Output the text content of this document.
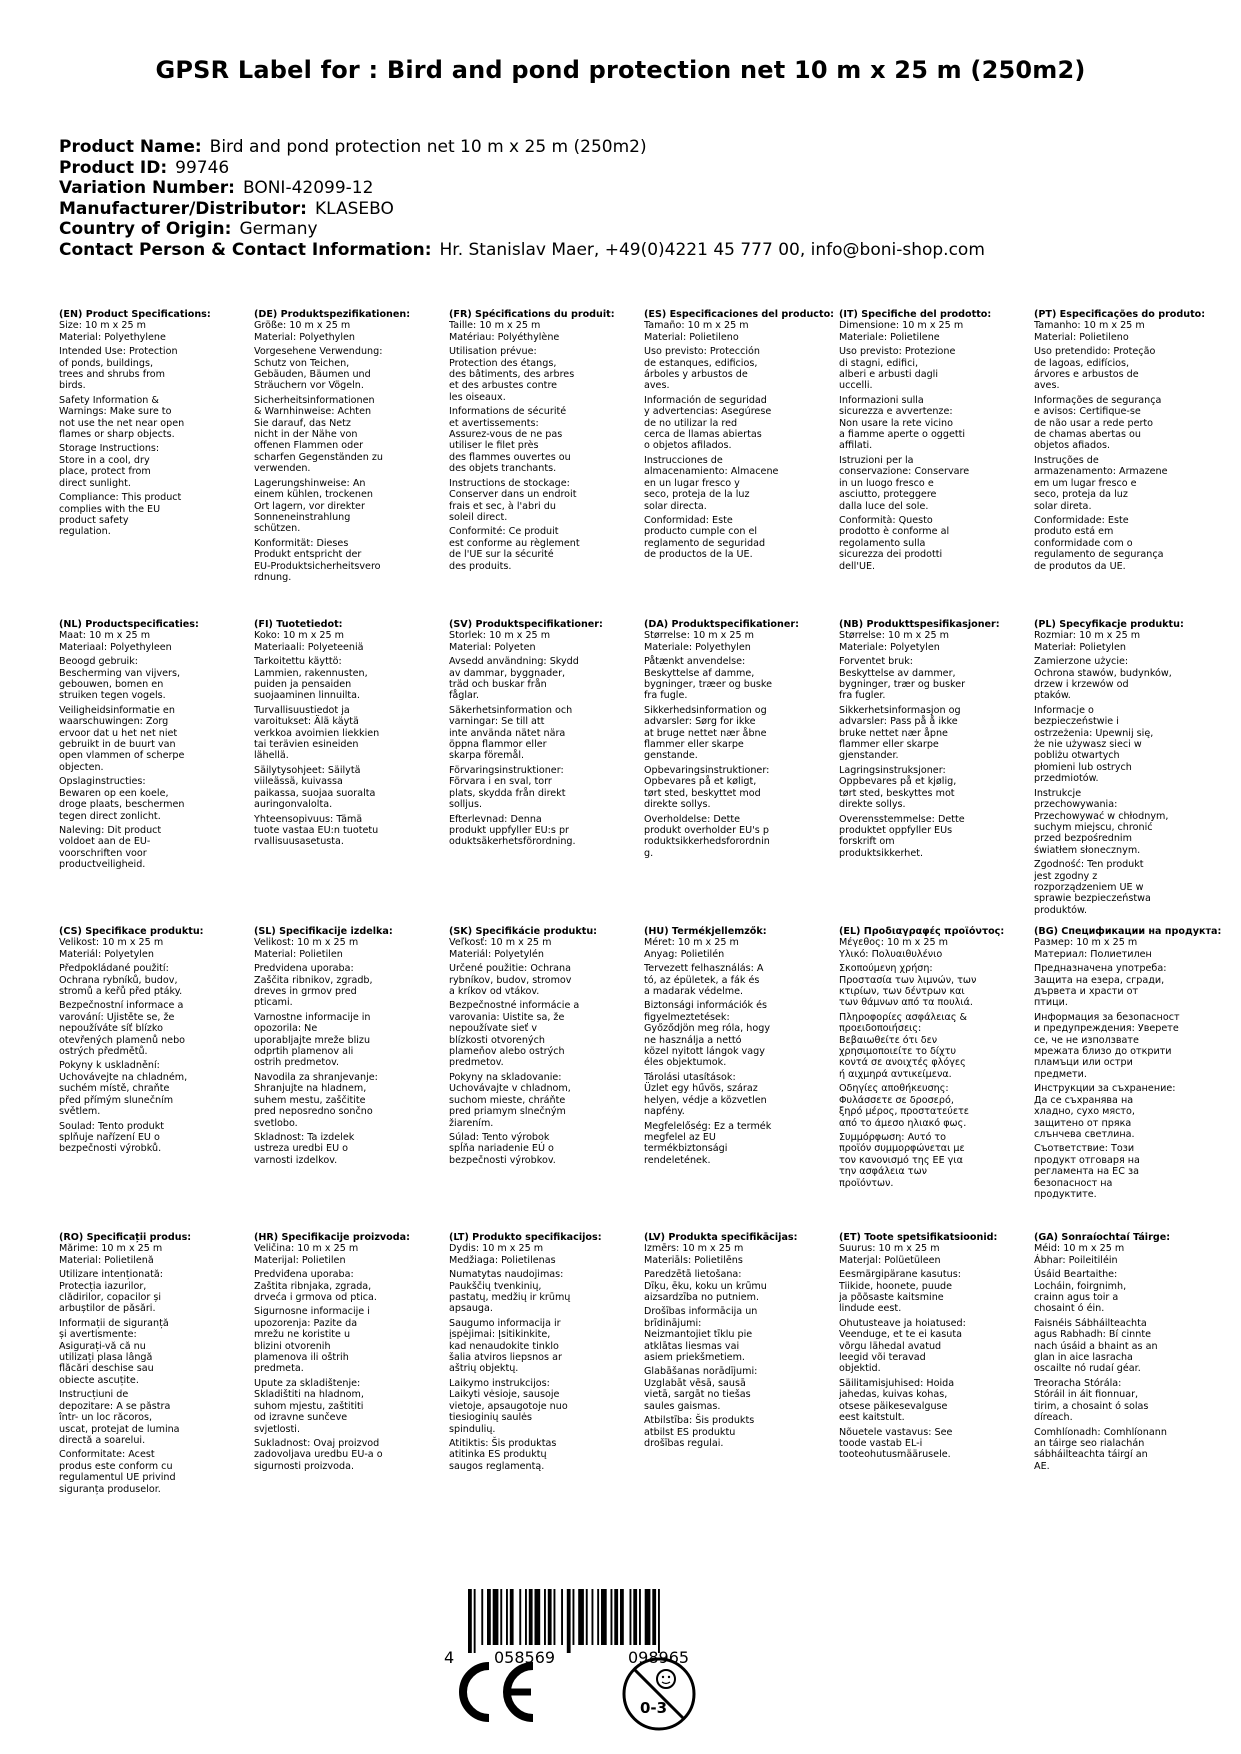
GPSR Label for : Bird and pond protection net 10 m x 25 m (250m2)
Product Name: Bird and pond protection net 10 m x 25 m (250m2)
Product ID: 99746
Variation Number: BONI-42099-12
Manufacturer/Distributor: KLASEBO
Country of Origin: Germany
Contact Person & Contact Information: Hr. Stanislav Maer, +49(0)4221 45 777 00, info@boni-shop.com
(EN) Product Specifications:
Size: 10 m x 25 m
Material: Polyethylene
Intended Use: Protection
of ponds, buildings,
trees and shrubs from
birds.
Safety Information &
Warnings: Make sure to
not use the net near open
flames or sharp objects.
Storage Instructions:
Store in a cool, dry
place, protect from
direct sunlight.
Compliance: This product
complies with the EU
product safety
regulation.
(DE) Produktspezifikationen:
Größe: 10 m x 25 m
Material: Polyethylen
Vorgesehene Verwendung:
Schutz von Teichen,
Gebäuden, Bäumen und
Sträuchern vor Vögeln.
Sicherheitsinformationen
& Warnhinweise: Achten
Sie darauf, das Netz
nicht in der Nähe von
offenen Flammen oder
scharfen Gegenständen zu
verwenden.
Lagerungshinweise: An
einem kühlen, trockenen
Ort lagern, vor direkter
Sonneneinstrahlung
schützen.
Konformität: Dieses
Produkt entspricht der
EU-Produktsicherheitsvero
rdnung.
(FR) Spécifications du produit:
Taille: 10 m x 25 m
Matériau: Polyéthylène
Utilisation prévue:
Protection des étangs,
des bâtiments, des arbres
et des arbustes contre
les oiseaux.
Informations de sécurité
et avertissements:
Assurez-vous de ne pas
utiliser le filet près
des flammes ouvertes ou
des objets tranchants.
Instructions de stockage:
Conserver dans un endroit
frais et sec, à l'abri du
soleil direct.
Conformité: Ce produit
est conforme au règlement
de l'UE sur la sécurité
des produits.
(ES) Especificaciones del producto:
Tamaño: 10 m x 25 m
Material: Polietileno
Uso previsto: Protección
de estanques, edificios,
árboles y arbustos de
aves.
Información de seguridad
y advertencias: Asegúrese
de no utilizar la red
cerca de llamas abiertas
o objetos afilados.
Instrucciones de
almacenamiento: Almacene
en un lugar fresco y
seco, proteja de la luz
solar directa.
Conformidad: Este
producto cumple con el
reglamento de seguridad
de productos de la UE.
(IT) Specifiche del prodotto:
Dimensione: 10 m x 25 m
Materiale: Polietilene
Uso previsto: Protezione
di stagni, edifici,
alberi e arbusti dagli
uccelli.
Informazioni sulla
sicurezza e avvertenze:
Non usare la rete vicino
a fiamme aperte o oggetti
affilati.
Istruzioni per la
conservazione: Conservare
in un luogo fresco e
asciutto, proteggere
dalla luce del sole.
Conformità: Questo
prodotto è conforme al
regolamento sulla
sicurezza dei prodotti
dell'UE.
(PT) Especificações do produto:
Tamanho: 10 m x 25 m
Material: Polietileno
Uso pretendido: Proteção
de lagoas, edifícios,
árvores e arbustos de
aves.
Informações de segurança
e avisos: Certifique-se
de não usar a rede perto
de chamas abertas ou
objetos afiados.
Instruções de
armazenamento: Armazene
em um lugar fresco e
seco, proteja da luz
solar direta.
Conformidade: Este
produto está em
conformidade com o
regulamento de segurança
de produtos da UE.
(NL) Productspecificaties:
Maat: 10 m x 25 m
Materiaal: Polyethyleen
Beoogd gebruik:
Bescherming van vijvers,
gebouwen, bomen en
struiken tegen vogels.
Veiligheidsinformatie en
waarschuwingen: Zorg
ervoor dat u het net niet
gebruikt in de buurt van
open vlammen of scherpe
objecten.
Opslaginstructies:
Bewaren op een koele,
droge plaats, beschermen
tegen direct zonlicht.
Naleving: Dit product
voldoet aan de EU-
voorschriften voor
productveiligheid.
(FI) Tuotetiedot:
Koko: 10 m x 25 m
Materiaali: Polyeteeniä
Tarkoitettu käyttö:
Lammien, rakennusten,
puiden ja pensaiden
suojaaminen linnuilta.
Turvallisuustiedot ja
varoitukset: Älä käytä
verkkoa avoimien liekkien
tai terävien esineiden
lähellä.
Säilytysohjeet: Säilytä
viileässä, kuivassa
paikassa, suojaa suoralta
auringonvalolta.
Yhteensopivuus: Tämä
tuote vastaa EU:n tuotetu
rvallisuusasetusta.
(SV) Produktspecifikationer:
Storlek: 10 m x 25 m
Material: Polyeten
Avsedd användning: Skydd
av dammar, byggnader,
träd och buskar från
fåglar.
Säkerhetsinformation och
varningar: Se till att
inte använda nätet nära
öppna flammor eller
skarpa föremål.
Förvaringsinstruktioner:
Förvara i en sval, torr
plats, skydda från direkt
solljus.
Efterlevnad: Denna
produkt uppfyller EU:s pr
oduktsäkerhetsförordning.
(DA) Produktspecifikationer:
Størrelse: 10 m x 25 m
Materiale: Polyethylen
Påtænkt anvendelse:
Beskyttelse af damme,
bygninger, træer og buske
fra fugle.
Sikkerhedsinformation og
advarsler: Sørg for ikke
at bruge nettet nær åbne
flammer eller skarpe
genstande.
Opbevaringsinstruktioner:
Opbevares på et køligt,
tørt sted, beskyttet mod
direkte sollys.
Overholdelse: Dette
produkt overholder EU's p
roduktsikkerhedsforordnin
g.
(NB) Produkttspesifikasjoner:
Størrelse: 10 m x 25 m
Materiale: Polyetylen
Forventet bruk:
Beskyttelse av dammer,
bygninger, trær og busker
fra fugler.
Sikkerhetsinformasjon og
advarsler: Pass på å ikke
bruke nettet nær åpne
flammer eller skarpe
gjenstander.
Lagringsinstruksjoner:
Oppbevares på et kjølig,
tørt sted, beskyttes mot
direkte sollys.
Overensstemmelse: Dette
produktet oppfyller EUs
forskrift om
produktsikkerhet.
(PL) Specyfikacje produktu:
Rozmiar: 10 m x 25 m
Materiał: Polietylen
Zamierzone użycie:
Ochrona stawów, budynków,
drzew i krzewów od
ptaków.
Informacje o
bezpieczeństwie i
ostrzeżenia: Upewnij się,
że nie używasz sieci w
pobliżu otwartych
płomieni lub ostrych
przedmiotów.
Instrukcje
przechowywania:
Przechowywać w chłodnym,
suchym miejscu, chronić
przed bezpośrednim
światłem słonecznym.
Zgodność: Ten produkt
jest zgodny z
rozporządzeniem UE w
sprawie bezpieczeństwa
produktów.
(CS) Specifikace produktu:
Velikost: 10 m x 25 m
Materiál: Polyetylen
Předpokládané použití:
Ochrana rybníků, budov,
stromů a keřů před ptáky.
Bezpečnostní informace a
varování: Ujistěte se, že
nepoužíváte síť blízko
otevřených plamenů nebo
ostrých předmětů.
Pokyny k uskladnění:
Uchovávejte na chladném,
suchém místě, chraňte
před přímým slunečním
světlem.
Soulad: Tento produkt
splňuje nařízení EU o
bezpečnosti výrobků.
(SL) Specifikacije izdelka:
Velikost: 10 m x 25 m
Material: Polietilen
Predvidena uporaba:
Zaščita ribnikov, zgradb,
dreves in grmov pred
pticami.
Varnostne informacije in
opozorila: Ne
uporabljajte mreže blizu
odprtih plamenov ali
ostrih predmetov.
Navodila za shranjevanje:
Shranjujte na hladnem,
suhem mestu, zaščitite
pred neposredno sončno
svetlobo.
Skladnost: Ta izdelek
ustreza uredbi EU o
varnosti izdelkov.
(SK) Špecifikácie produktu:
Veľkosť: 10 m x 25 m
Materiál: Polyetylén
Určené použitie: Ochrana
rybníkov, budov, stromov
a kríkov od vtákov.
Bezpečnostné informácie a
varovania: Uistite sa, že
nepoužívate sieť v
blízkosti otvorených
plameňov alebo ostrých
predmetov.
Pokyny na skladovanie:
Uchovávajte v chladnom,
suchom mieste, chráňte
pred priamym slnečným
žiarením.
Súlad: Tento výrobok
spĺňa nariadenie EÚ o
bezpečnosti výrobkov.
(HU) Termékjellemzők:
Méret: 10 m x 25 m
Anyag: Polietilén
Tervezett felhasználás: A
tó, az épületek, a fák és
a madarak védelme.
Biztonsági információk és
figyelmeztetések:
Győződjön meg róla, hogy
ne használja a nettó
közel nyitott lángok vagy
éles objektumok.
Tárolási utasítások:
Üzlet egy hűvös, száraz
helyen, védje a közvetlen
napfény.
Megfelelőség: Ez a termék
megfelel az EU
termékbiztonsági
rendeletének.
(EL) Προδιαγραφές προϊόντος:
Μέγεθος: 10 m x 25 m
Υλικό: Πολυαιθυλένιο
Σκοπούμενη χρήση:
Προστασία των λιμνών, των
κτιρίων, των δέντρων και
των θάμνων από τα πουλιά.
Πληροφορίες ασφάλειας &
προειδοποιήσεις:
Βεβαιωθείτε ότι δεν
χρησιμοποιείτε το δίχτυ
κοντά σε ανοιχτές φλόγες
ή αιχμηρά αντικείμενα.
Οδηγίες αποθήκευσης:
Φυλάσσετε σε δροσερό,
ξηρό μέρος, προστατεύετε
από το άμεσο ηλιακό φως.
Συμμόρφωση: Αυτό το
προϊόν συμμορφώνεται με
τον κανονισμό της ΕΕ για
την ασφάλεια των
προϊόντων.
(BG) Спецификации на продукта:
Размер: 10 m x 25 m
Материал: Полиетилен
Предназначена употреба:
Защита на езера, сгради,
дървета и храсти от
птици.
Информация за безопасност
и предупреждения: Уверете
се, че не използвате
мрежата близо до открити
пламъци или остри
предмети.
Инструкции за съхранение:
Да се съхранява на
хладно, сухо място,
защитено от пряка
слънчева светлина.
Съответствие: Този
продукт отговаря на
регламента на ЕС за
безопасност на
продуктите.
(RO) Specificații produs:
Mărime: 10 m x 25 m
Material: Polietilenă
Utilizare intenționată:
Protecția iazurilor,
clădirilor, copacilor și
arbuștilor de păsări.
Informații de siguranță
și avertismente:
Asigurați-vă că nu
utilizați plasa lângă
flăcări deschise sau
obiecte ascuțite.
Instrucțiuni de
depozitare: A se păstra
într- un loc răcoros,
uscat, protejat de lumina
directă a soarelui.
Conformitate: Acest
produs este conform cu
regulamentul UE privind
siguranța produselor.
(HR) Specifikacije proizvoda:
Veličina: 10 m x 25 m
Materijal: Polietilen
Predviđena uporaba:
Zaštita ribnjaka, zgrada,
drveća i grmova od ptica.
Sigurnosne informacije i
upozorenja: Pazite da
mrežu ne koristite u
blizini otvorenih
plamenova ili oštrih
predmeta.
Upute za skladištenje:
Skladištiti na hladnom,
suhom mjestu, zaštititi
od izravne sunčeve
svjetlosti.
Sukladnost: Ovaj proizvod
zadovoljava uredbu EU-a o
sigurnosti proizvoda.
(LT) Produkto specifikacijos:
Dydis: 10 m x 25 m
Medžiaga: Polietilenas
Numatytas naudojimas:
Paukščių tvenkinių,
pastatų, medžių ir krūmų
apsauga.
Saugumo informacija ir
įspėjimai: Įsitikinkite,
kad nenaudokite tinklo
šalia atviros liepsnos ar
aštrių objektų.
Laikymo instrukcijos:
Laikyti vėsioje, sausoje
vietoje, apsaugotoje nuo
tiesioginių saulės
spindulių.
Atitiktis: Šis produktas
atitinka ES produktų
saugos reglamentą.
(LV) Produkta specifikācijas:
Izmērs: 10 m x 25 m
Materiāls: Polietilēns
Paredzētā lietošana:
Dīķu, ēku, koku un krūmu
aizsardzība no putniem.
Drošības informācija un
brīdinājumi:
Neizmantojiet tīklu pie
atklātas liesmas vai
asiem priekšmetiem.
Glabāšanas norādījumi:
Uzglabāt vēsā, sausā
vietā, sargāt no tiešas
saules gaismas.
Atbilstība: Šis produkts
atbilst ES produktu
drošības regulai.
(ET) Toote spetsifikatsioonid:
Suurus: 10 m x 25 m
Materjal: Polüetüleen
Eesmärgipärane kasutus:
Tiikide, hoonete, puude
ja põõsaste kaitsmine
lindude eest.
Ohutusteave ja hoiatused:
Veenduge, et te ei kasuta
võrgu lähedal avatud
leegid või teravad
objektid.
Säilitamisjuhised: Hoida
jahedas, kuivas kohas,
otsese päikesevalguse
eest kaitstult.
Nõuetele vastavus: See
toode vastab EL-i
tooteohutusmäärusele.
(GA) Sonraíochtaí Táirge:
Méid: 10 m x 25 m
Ábhar: Poileitiléin
Úsáid Beartaithe:
Locháin, foirgnimh,
crainn agus toir a
chosaint ó éin.
Faisnéis Sábháilteachta
agus Rabhadh: Bí cinnte
nach úsáid a bhaint as an
glan in aice lasracha
oscailte nó rudaí géar.
Treoracha Stórála:
Stóráil in áit fionnuar,
tirim, a chosaint ó solas
díreach.
Comhlíonadh: Comhlíonann
an táirge seo rialachán
sábháilteachta táirgí an
AE.
4 058569	098965
0-3
